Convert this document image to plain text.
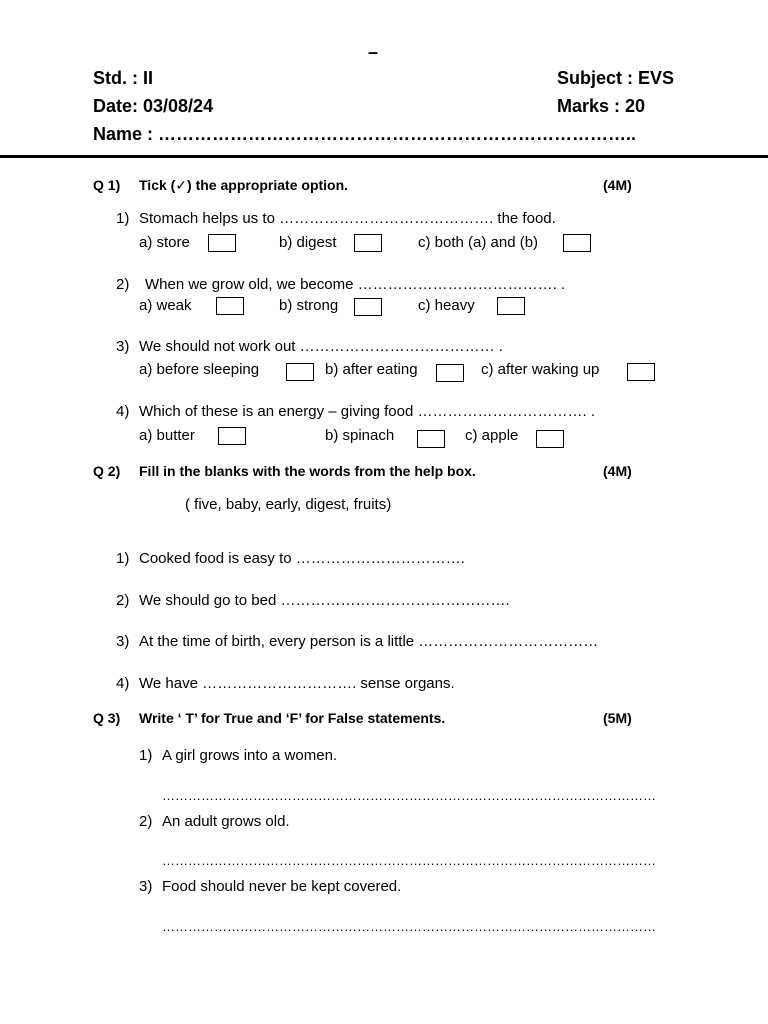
–
Std. : II
Date: 03/08/24
Name : ……………………………………………………………………..
Subject : EVS
Marks : 20
Q 1) Tick (✓) the appropriate option.	(4M)
1) Stomach helps us to ……………………………………. the food.
a) store	b) digest	c) both (a) and (b)
2) When we grow old, we become …………………………………. .
a) weak	b) strong	c) heavy
3) We should not work out ………………………………… .
a) before sleeping	b) after eating	c) after waking up
4) Which of these is an energy – giving food ……………………………. .
a) butter	b) spinach	c) apple
Q 2) Fill in the blanks with the words from the help box.	(4M)
( five, baby, early, digest, fruits)
1) Cooked food is easy to …………………………….
2) We should go to bed ……………………………………….
3) At the time of birth, every person is a little ………………………………
4) We have …………………………. sense organs.
Q 3) Write ‘ T’ for True and ‘F’ for False statements.	(5M)
1) A girl grows into a women.
……………………………………………………………………………………………………
2) An adult grows old.
……………………………………………………………………………………………………
3) Food should never be kept covered.
……………………………………………………………………………………………………
